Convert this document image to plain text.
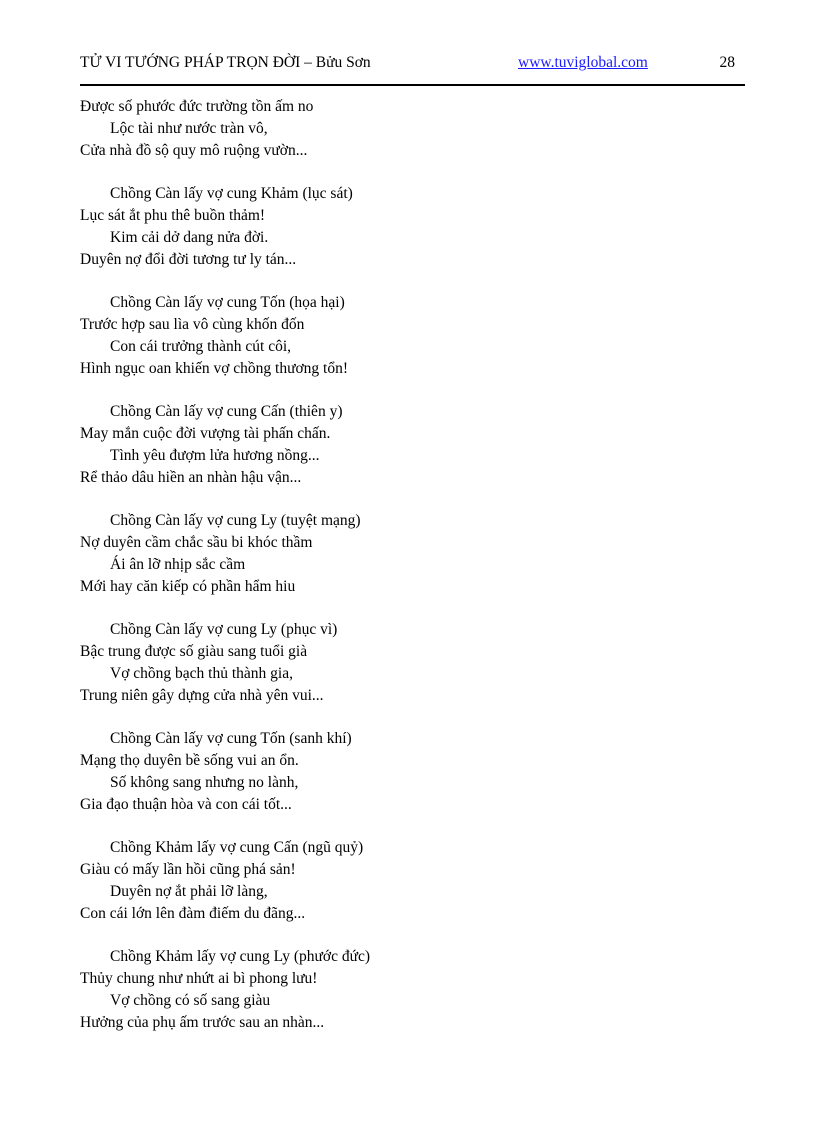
TỬ VI TƯỚNG PHÁP TRỌN ĐỜI – Bửu Sơn	www.tuviglobal.com	28
Được số phước đức trường tồn ấm no
Lộc tài như nước tràn vô,
Cửa nhà đồ sộ quy mô ruộng vườn...
Chồng Càn lấy vợ cung Khảm (lục sát)
Lục sát ắt phu thê buồn thảm!
Kim cải dở dang nửa đời.
Duyên nợ đổi đời tương tư ly tán...
Chồng Càn lấy vợ cung Tốn (họa hại)
Trước hợp sau lìa vô cùng khốn đốn
Con cái trưởng thành cút côi,
Hình ngục oan khiến vợ chồng thương tổn!
Chồng Càn lấy vợ cung Cấn (thiên y)
May mắn cuộc đời vượng tài phấn chấn.
Tình yêu đượm lửa hương nồng...
Rể thảo dâu hiền an nhàn hậu vận...
Chồng Càn lấy vợ cung Ly (tuyệt mạng)
Nợ duyên cầm chắc sầu bi khóc thầm
Ái ân lỡ nhịp sắc cầm
Mới hay căn kiếp có phần hẩm hiu
Chồng Càn lấy vợ cung Ly (phục vì)
Bậc trung được số giàu sang tuổi già
Vợ chồng bạch thủ thành gia,
Trung niên gây dựng cửa nhà yên vui...
Chồng Càn lấy vợ cung Tốn (sanh khí)
Mạng thọ duyên bề sống vui an ổn.
Số không sang nhưng no lành,
Gia đạo thuận hòa và con cái tốt...
Chồng Khảm lấy vợ cung Cấn (ngũ quỷ)
Giàu có mấy lần hồi cũng phá sản!
Duyên nợ ắt phải lỡ làng,
Con cái lớn lên đàm điếm du đãng...
Chồng Khảm lấy vợ cung Ly (phước đức)
Thủy chung như nhứt ai bì phong lưu!
Vợ chồng có số sang giàu
Hưởng của phụ ấm trước sau an nhàn...
